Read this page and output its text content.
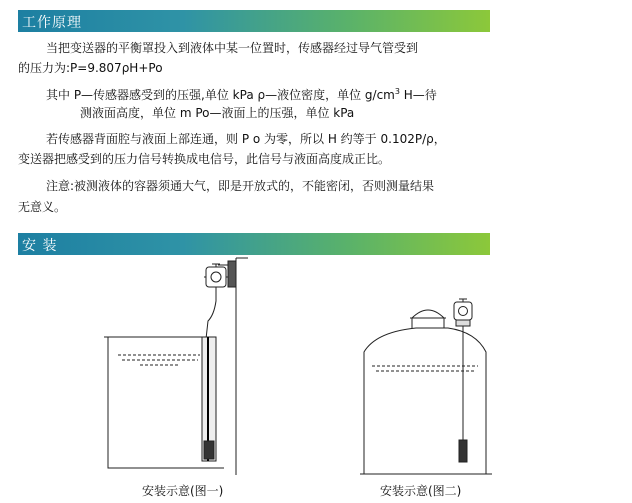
工作原理
当把变送器的平衡罩投入到液体中某一位置时，传感器经过导气管受到
的压力为:P=9.807ρH+Po
其中 P—传感器感受到的压强,单位 kPa ρ—液位密度，单位 $g/cm^3$ H—待
测液面高度，单位 m Po—液面上的压强，单位 kPa
若传感器背面腔与液面上部连通，则 P o 为零，所以 H 约等于 0.102P/ρ，
变送器把感受到的压力信号转换成电信号，此信号与液面高度成正比。
注意:被测液体的容器须通大气，即是开放式的，不能密闭，否则测量结果
无意义。
安 装
安装示意(图一)	安装示意(图二)
